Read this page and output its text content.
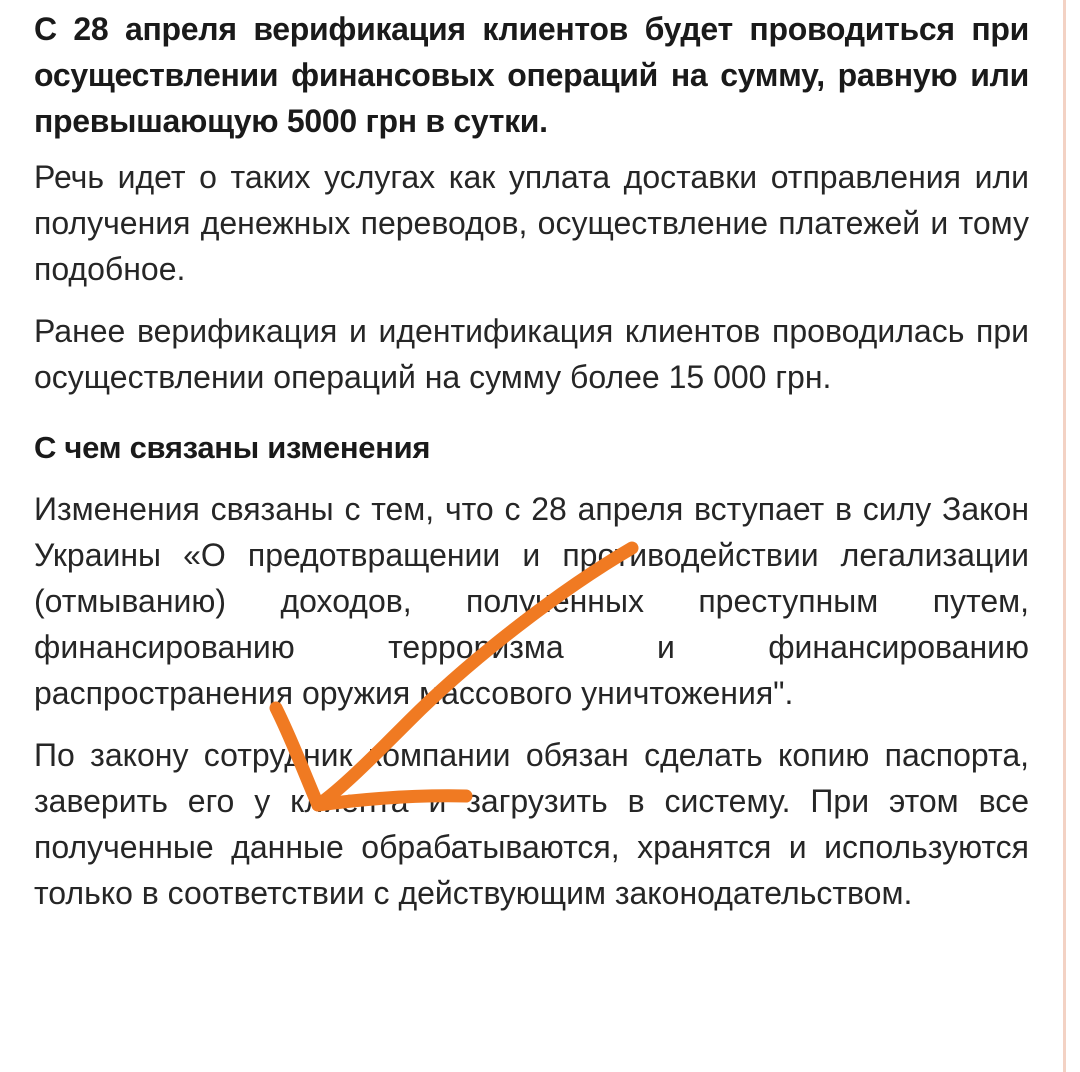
С 28 апреля верификация клиентов будет проводиться при осуществлении финансовых операций на сумму, равную или превышающую 5000 грн в сутки.

Речь идет о таких услугах как уплата доставки отправления или получения денежных переводов, осуществление платежей и тому подобное.

Ранее верификация и идентификация клиентов проводилась при осуществлении операций на сумму более 15 000 грн.

С чем связаны изменения

Изменения связаны с тем, что с 28 апреля вступает в силу Закон Украины «О предотвращении и противодействии легализации (отмыванию) доходов, полученных преступным путем, финансированию терроризма и финансированию распространения оружия массового уничтожения".

По закону сотрудник компании обязан сделать копию паспорта, заверить его у клиента и загрузить в систему. При этом все полученные данные обрабатываются, хранятся и используются только в соответствии с действующим законодательством.
